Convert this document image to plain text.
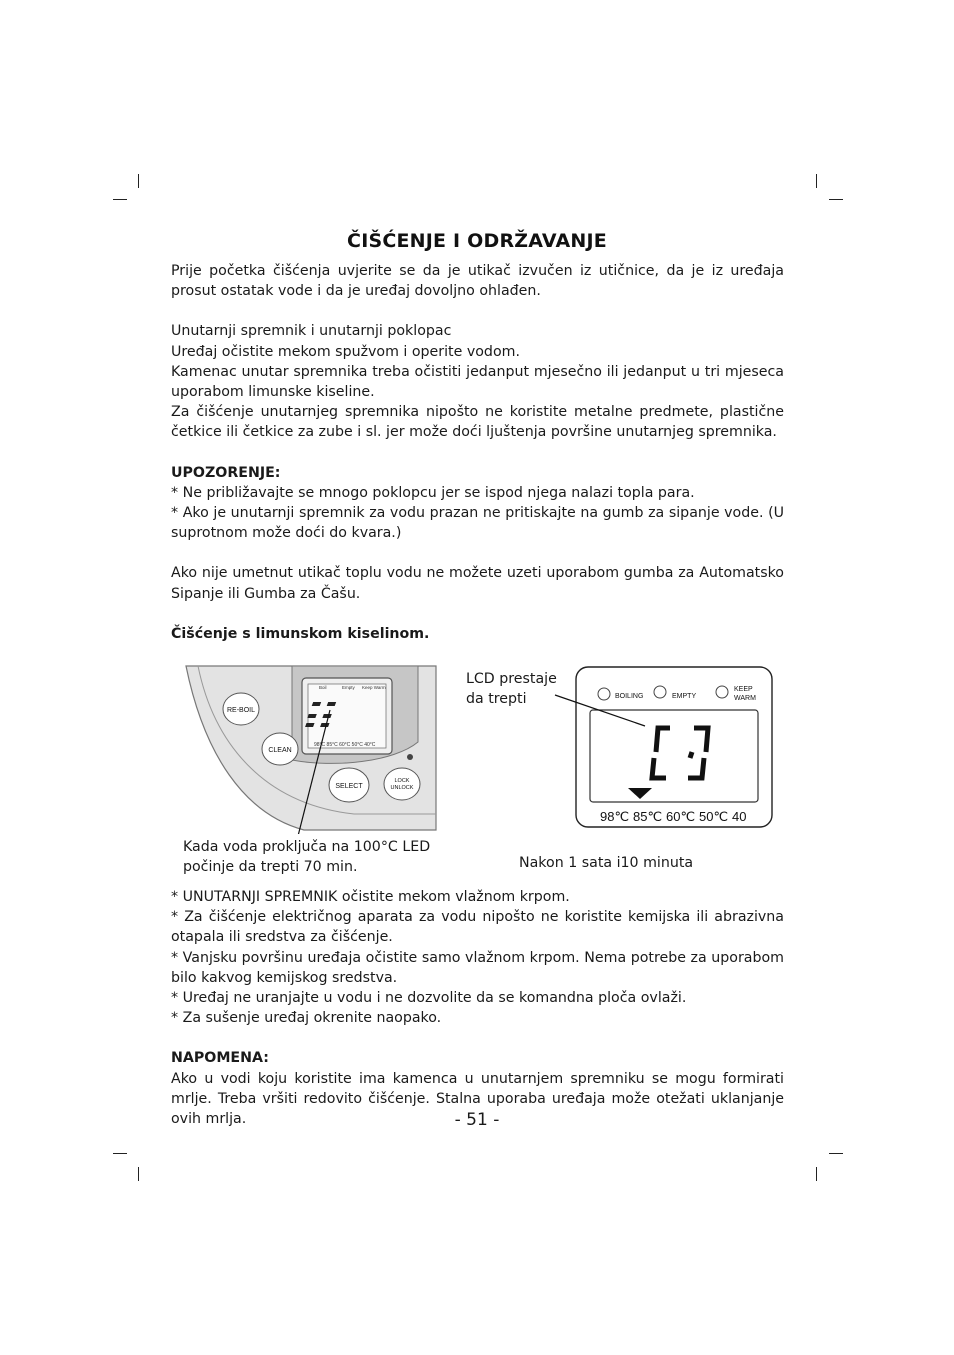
ČIŠĆENJE I ODRŽAVANJE

Prije početka čišćenja uvjerite se da je utikač izvučen iz utičnice, da je iz uređaja prosut ostatak vode i da je uređaj dovoljno ohlađen.

Unutarnji spremnik i unutarnji poklopac

Uređaj očistite mekom spužvom i operite vodom.

Kamenac unutar spremnika treba očistiti jedanput mjesečno ili jedanput u tri mjeseca uporabom limunske kiseline.

Za čišćenje unutarnjeg spremnika nipošto ne koristite metalne predmete, plastične četkice ili četkice za zube i sl. jer može doći ljuštenja površine unutarnjeg spremnika.

UPOZORENJE:

* Ne približavajte se mnogo poklopcu jer se ispod njega nalazi topla para.

* Ako je unutarnji spremnik za vodu prazan ne pritiskajte na gumb za sipanje vode. (U suprotnom može doći do kvara.)

Ako nije umetnut utikač toplu vodu ne možete uzeti uporabom gumba za Automatsko Sipanje ili Gumba za Čašu.

Čišćenje s limunskom kiselinom.

Boil	Empty Keep Warm
98°C 85°C 60°C 50°C 40°C
RE-BOIL
CLEAN
SELECT
LOCK
UNLOCK
BOILING	EMPTY
KEEP
WARM
98℃ 85℃ 60℃ 50℃ 40
LCD prestaje
da trepti
Kada voda proključa na 100°C LED
počinje da trepti 70 min.	Nakon 1 sata i10 minuta

* UNUTARNJI SPREMNIK očistite mekom vlažnom krpom.

* Za čišćenje električnog aparata za vodu nipošto ne koristite kemijska ili abrazivna otapala ili sredstva za čišćenje.

* Vanjsku površinu uređaja očistite samo vlažnom krpom. Nema potrebe za uporabom bilo kakvog kemijskog sredstva.

* Uređaj ne uranjajte u vodu i ne dozvolite da se komandna ploča ovlaži.

* Za sušenje uređaj okrenite naopako.

NAPOMENA:

Ako u vodi koju koristite ima kamenca u unutarnjem spremniku se mogu formirati mrlje. Treba vršiti redovito čišćenje. Stalna uporaba uređaja može otežati uklanjanje ovih mrlja.	- 51 -
